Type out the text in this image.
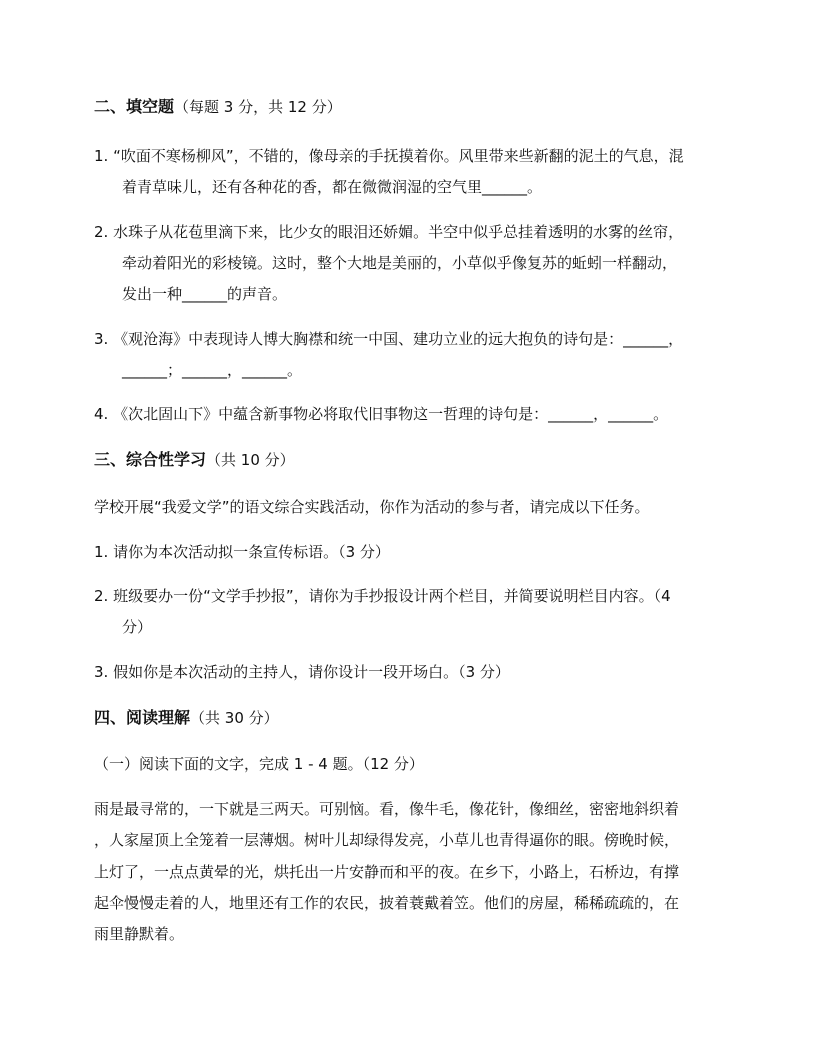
二、填空题（每题 3 分，共 12 分）
1. “吹面不寒杨柳风”，不错的，像母亲的手抚摸着你。风里带来些新翻的泥土的气息，混
着青草味儿，还有各种花的香，都在微微润湿的空气里______。
2. 水珠子从花苞里滴下来，比少女的眼泪还娇媚。半空中似乎总挂着透明的水雾的丝帘，
牵动着阳光的彩棱镜。这时，整个大地是美丽的，小草似乎像复苏的蚯蚓一样翻动，
发出一种______的声音。
3. 《观沧海》中表现诗人博大胸襟和统一中国、建功立业的远大抱负的诗句是：______，
______；______，______。
4. 《次北固山下》中蕴含新事物必将取代旧事物这一哲理的诗句是：______，______。
三、综合性学习（共 10 分）
学校开展“我爱文学”的语文综合实践活动，你作为活动的参与者，请完成以下任务。
1. 请你为本次活动拟一条宣传标语。（3 分）
2. 班级要办一份“文学手抄报”，请你为手抄报设计两个栏目，并简要说明栏目内容。（4
分）
3. 假如你是本次活动的主持人，请你设计一段开场白。（3 分）
四、阅读理解（共 30 分）
（一）阅读下面的文字，完成 1 - 4 题。（12 分）
雨是最寻常的，一下就是三两天。可别恼。看，像牛毛，像花针，像细丝，密密地斜织着
，人家屋顶上全笼着一层薄烟。树叶儿却绿得发亮，小草儿也青得逼你的眼。傍晚时候，
上灯了，一点点黄晕的光，烘托出一片安静而和平的夜。在乡下，小路上，石桥边，有撑
起伞慢慢走着的人，地里还有工作的农民，披着蓑戴着笠。他们的房屋，稀稀疏疏的，在
雨里静默着。
